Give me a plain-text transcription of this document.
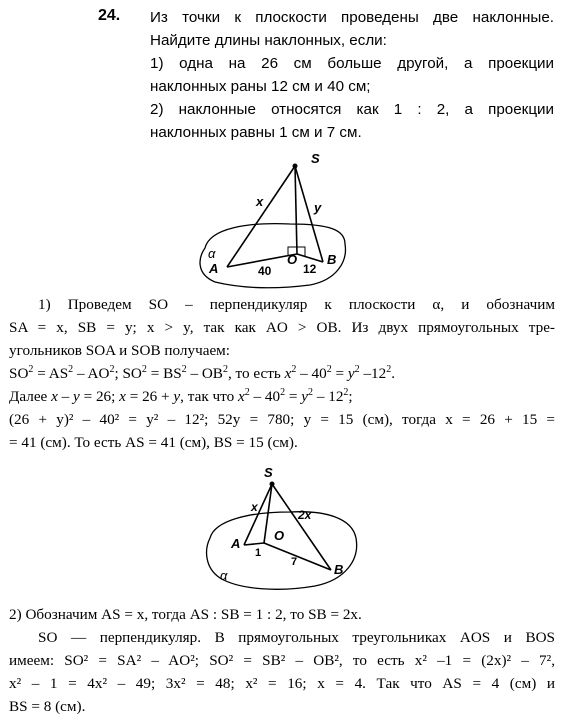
24. Из точки к плоскости проведены две наклонные.
Найдите длины наклонных, если:
1) одна на 26 см больше другой, а проекции
наклонных раны 12 см и 40 см;
2) наклонные относятся как 1 : 2, а проекции
наклонных равны 1 см и 7 см.
S
x	y
α
A
O B
40	12
1) Проведем SO – перпендикуляр к плоскости α, и обозначим
SA = x, SB = y; x > y, так как AO > OB. Из двух прямоугольных тре-
угольников SOA и SOB получаем:
$SO^2 = AS^2 - AO^2$; $SO^2 = BS^2 - OB^2$, то есть $x^2 - 40^2 = y^2$ $-12^2$.
Далее x – y = 26; x = 26 + y, так что $x^2 - 40^2 = y^2 - 12^2$;
(26 + y)² – 40² = y² – 12²; 52y = 780; y = 15 (см), тогда x = 26 + 15 =
= 41 (см). То есть AS = 41 (см), BS = 15 (см).
S
x
2x
A
O
B
α
1
7
2) Обозначим AS = x, тогда AS : SB = 1 : 2, то SB = 2x.
SO — перпендикуляр. В прямоугольных треугольниках AOS и BOS
имеем: SO² = SA² – AO²; SO² = SB² – OB², то есть x² –1 = (2x)² – 7²,
x² – 1 = 4x² – 49; 3x² = 48; x² = 16; x = 4. Так что AS = 4 (см) и
BS = 8 (см).
